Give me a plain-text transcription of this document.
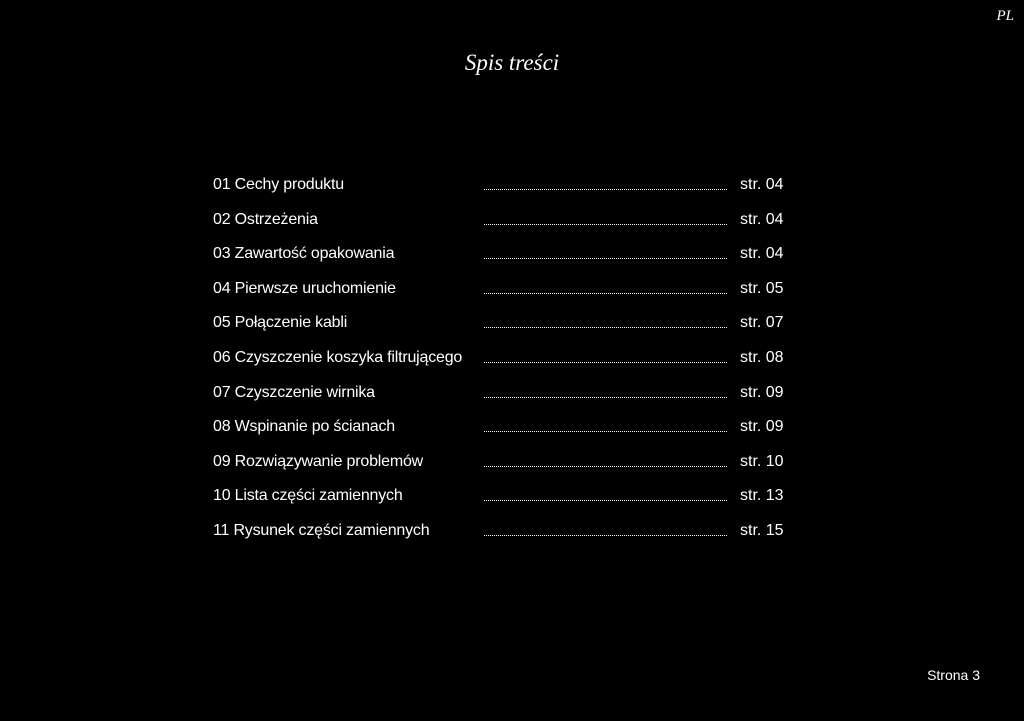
PL
Spis treści
01 Cechy produktu	str. 04
02 Ostrzeżenia	str. 04
03 Zawartość opakowania	str. 04
04 Pierwsze uruchomienie	str. 05
05 Połączenie kabli	str. 07
06 Czyszczenie koszyka filtrującego	str. 08
07 Czyszczenie wirnika	str. 09
08 Wspinanie po ścianach	str. 09
09 Rozwiązywanie problemów	str. 10
10 Lista części zamiennych	str. 13
11 Rysunek części zamiennych	str. 15
Strona 3
